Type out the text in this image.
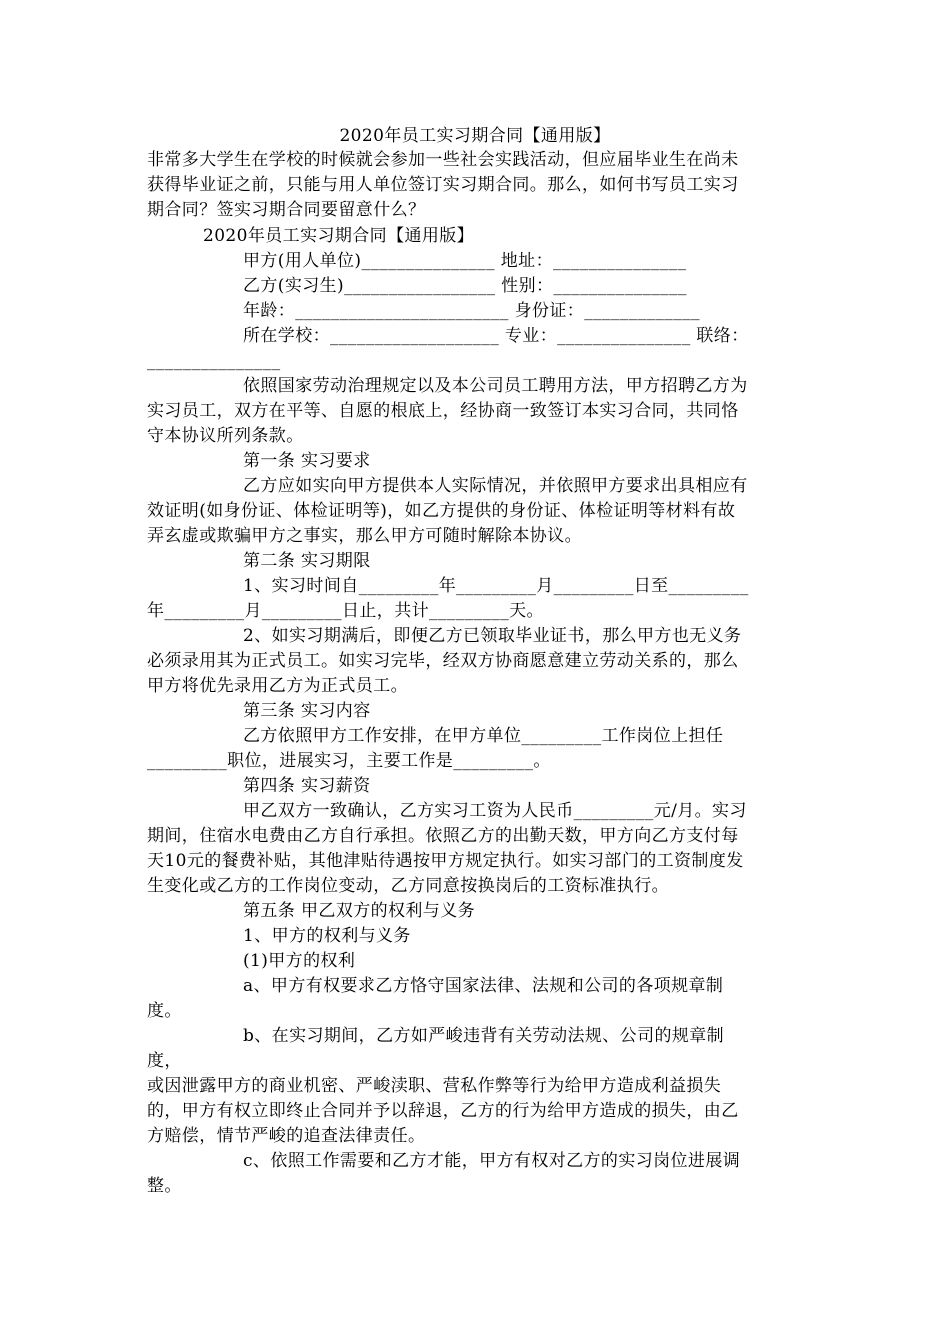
2020年员工实习期合同【通用版】
非常多大学生在学校的时候就会参加一些社会实践活动，但应届毕业生在尚未
获得毕业证之前，只能与用人单位签订实习期合同。那么，如何书写员工实习
期合同？签实习期合同要留意什么？
2020年员工实习期合同【通用版】
甲方(用人单位)_______________ 地址：_______________
乙方(实习生)_________________ 性别：_______________
年龄：________________________ 身份证：_____________
所在学校：___________________ 专业：_______________ 联络：
_______________
依照国家劳动治理规定以及本公司员工聘用方法，甲方招聘乙方为
实习员工，双方在平等、自愿的根底上，经协商一致签订本实习合同，共同恪
守本协议所列条款。
第一条 实习要求
乙方应如实向甲方提供本人实际情况，并依照甲方要求出具相应有
效证明(如身份证、体检证明等)，如乙方提供的身份证、体检证明等材料有故
弄玄虚或欺骗甲方之事实，那么甲方可随时解除本协议。
第二条 实习期限
1、实习时间自_________年_________月_________日至_________
年_________月_________日止，共计_________天。
2、如实习期满后，即便乙方已领取毕业证书，那么甲方也无义务
必须录用其为正式员工。如实习完毕，经双方协商愿意建立劳动关系的，那么
甲方将优先录用乙方为正式员工。
第三条 实习内容
乙方依照甲方工作安排，在甲方单位_________工作岗位上担任
_________职位，进展实习，主要工作是_________。
第四条 实习薪资
甲乙双方一致确认，乙方实习工资为人民币_________元/月。实习
期间，住宿水电费由乙方自行承担。依照乙方的出勤天数，甲方向乙方支付每
天10元的餐费补贴，其他津贴待遇按甲方规定执行。如实习部门的工资制度发
生变化或乙方的工作岗位变动，乙方同意按换岗后的工资标准执行。
第五条 甲乙双方的权利与义务
1、甲方的权利与义务
(1)甲方的权利
a、甲方有权要求乙方恪守国家法律、法规和公司的各项规章制
度。
b、在实习期间，乙方如严峻违背有关劳动法规、公司的规章制
度，
或因泄露甲方的商业机密、严峻渎职、营私作弊等行为给甲方造成利益损失
的，甲方有权立即终止合同并予以辞退，乙方的行为给甲方造成的损失，由乙
方赔偿，情节严峻的追查法律责任。
c、依照工作需要和乙方才能，甲方有权对乙方的实习岗位进展调
整。
